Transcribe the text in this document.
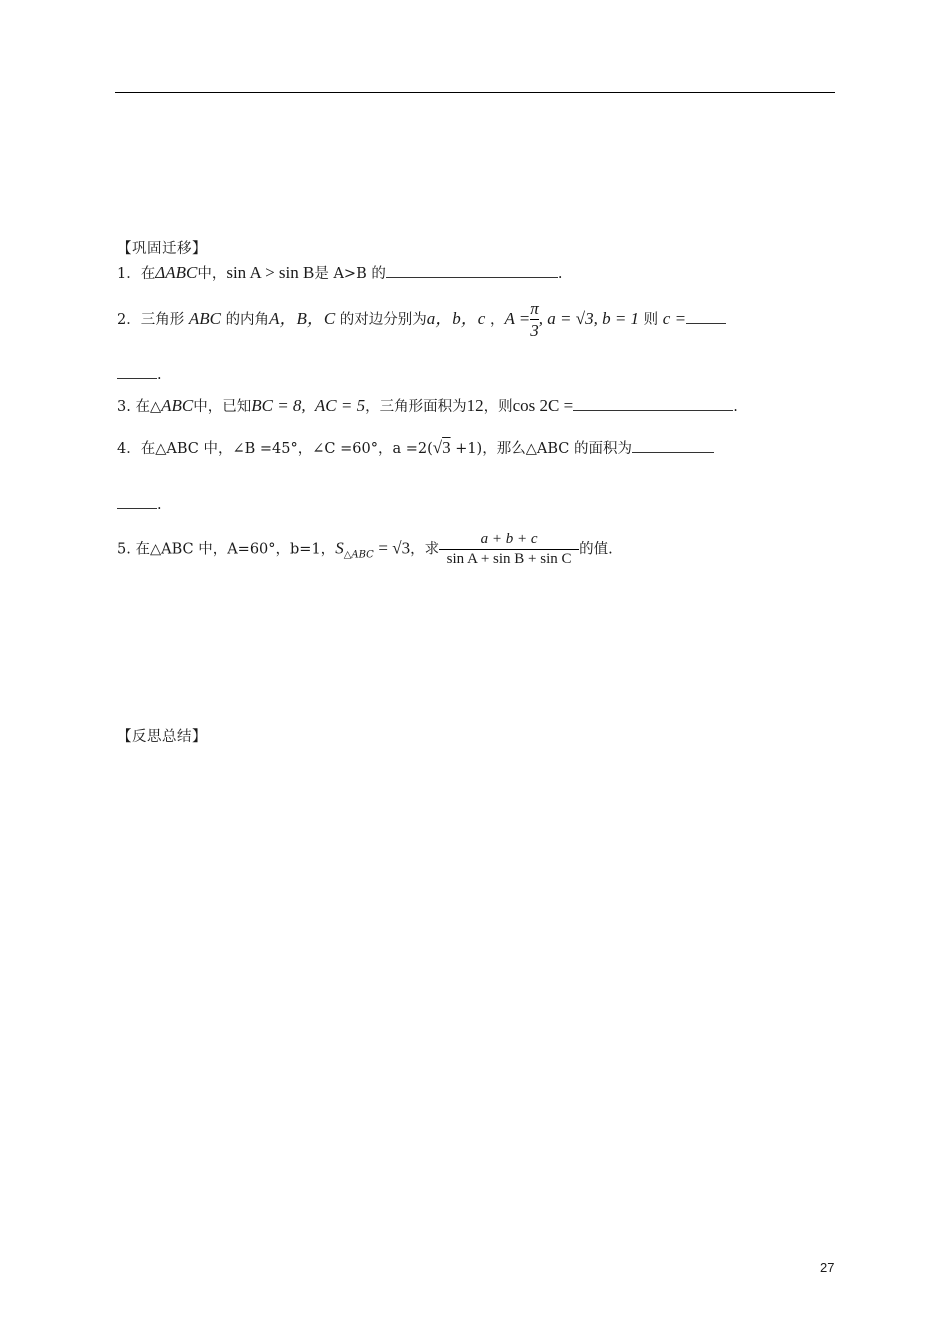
【巩固迁移】
1．在ΔABC中，sin A > sin B是 A>B 的	.
2．三角形 ABC 的内角A，B，C 的对边分别为a，b，c ，$A = \frac{\pi}{3}$ , a = √3, b = 1 则 c =
.
3. 在△ABC中，已知BC = 8, AC = 5，三角形面积为12，则cos 2C =	.
4．在△ABC 中，∠B =45°，∠C =60°，a =2(√3 +1)，那么△ABC 的面积为
.
5. 在△ABC 中，A=60°，b=1，$S_{\triangle ABC} = √3$，求 $\frac{a + b + c}{\text{sin A + sin B + sin C}}$ 的值.
【反思总结】
27
